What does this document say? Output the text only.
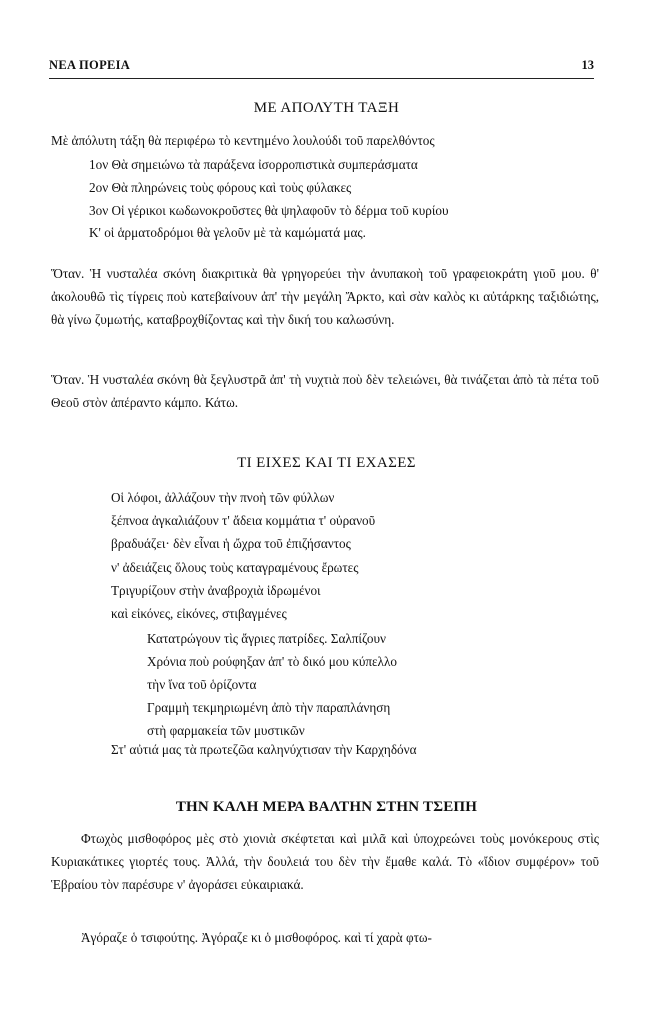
ΝΕΑ ΠΟΡΕΙΑ	13
ΜΕ ΑΠΟΛΥΤΗ ΤΑΞΗ
Μὲ ἀπόλυτη τάξη θὰ περιφέρω τὸ κεντημένο λουλούδι τοῦ παρελθόντος
1ον Θὰ σημειώνω τὰ παράξενα ἰσορροπιστικὰ συμπεράσματα
2ον Θὰ πληρώνεις τοὺς φόρους καὶ τοὺς φύλακες
3ον Οἱ γέρικοι κωδωνοκροῦστες θὰ ψηλαφοῦν τὸ δέρμα τοῦ κυρίου
Κ' οἱ ἁρματοδρόμοι θὰ γελοῦν μὲ τὰ καμώματά μας.
Ὅταν. Ἡ νυσταλέα σκόνη διακριτικὰ θὰ γρηγορεύει τὴν ἀνυπακοὴ τοῦ γραφειοκράτη γιοῦ μου. θ' ἀκολουθῶ τὶς τίγρεις ποὺ κατεβαίνουν ἀπ' τὴν μεγάλη Ἄρκτο, καὶ σὰν καλὸς κι αὐτάρκης ταξιδιώτης, θὰ γίνω ζυμωτής, καταβροχθίζοντας καὶ τὴν δική του καλωσύνη.
Ὅταν. Ἡ νυσταλέα σκόνη θὰ ξεγλυστρᾶ ἀπ' τὴ νυχτιὰ ποὺ δὲν τελειώνει, θὰ τινάζεται ἀπὸ τὰ πέτα τοῦ Θεοῦ στὸν ἀπέραντο κάμπο. Κάτω.
ΤΙ ΕΙΧΕΣ ΚΑΙ ΤΙ ΕΧΑΣΕΣ
Οἱ λόφοι, ἀλλάζουν τὴν πνοὴ τῶν φύλλων
ξέπνοα ἀγκαλιάζουν τ' ἄδεια κομμάτια τ' οὐρανοῦ
βραδυάζει· δὲν εἶναι ἡ ὤχρα τοῦ ἐπιζήσαντος
ν' ἀδειάζεις ὅλους τοὺς καταγραμένους ἔρωτες
Τριγυρίζουν στὴν ἀναβροχιὰ ἱδρωμένοι
καὶ εἰκόνες, εἰκόνες, στιβαγμένες
Κατατρώγουν τὶς ἄγριες πατρίδες. Σαλπίζουν
Χρόνια ποὺ ρούφηξαν ἀπ' τὸ δικό μου κύπελλο
τὴν ἴνα τοῦ ὁρίζοντα
Γραμμὴ τεκμηριωμένη ἀπὸ τὴν παραπλάνηση
στὴ φαρμακεία τῶν μυστικῶν
Στ' αὐτιά μας τὰ πρωτεζῶα καληνύχτισαν τὴν Καρχηδόνα
ΤΗΝ ΚΑΛΗ ΜΕΡΑ ΒΑΛΤΗΝ ΣΤΗΝ ΤΣΕΠΗ
Φτωχὸς μισθοφόρος μὲς στὸ χιονιὰ σκέφτεται καὶ μιλᾶ καὶ ὑποχρεώνει τοὺς μονόκερους στὶς Κυριακάτικες γιορτές τους. Ἀλλά, τὴν δουλειά του δὲν τὴν ἔμαθε καλά. Τὸ «ἴδιον συμφέρον» τοῦ Ἑβραίου τὸν παρέσυρε ν' ἀγοράσει εὐκαιριακά.
Ἀγόραζε ὁ τσιφούτης. Ἀγόραζε κι ὁ μισθοφόρος. καὶ τί χαρὰ φτω-
